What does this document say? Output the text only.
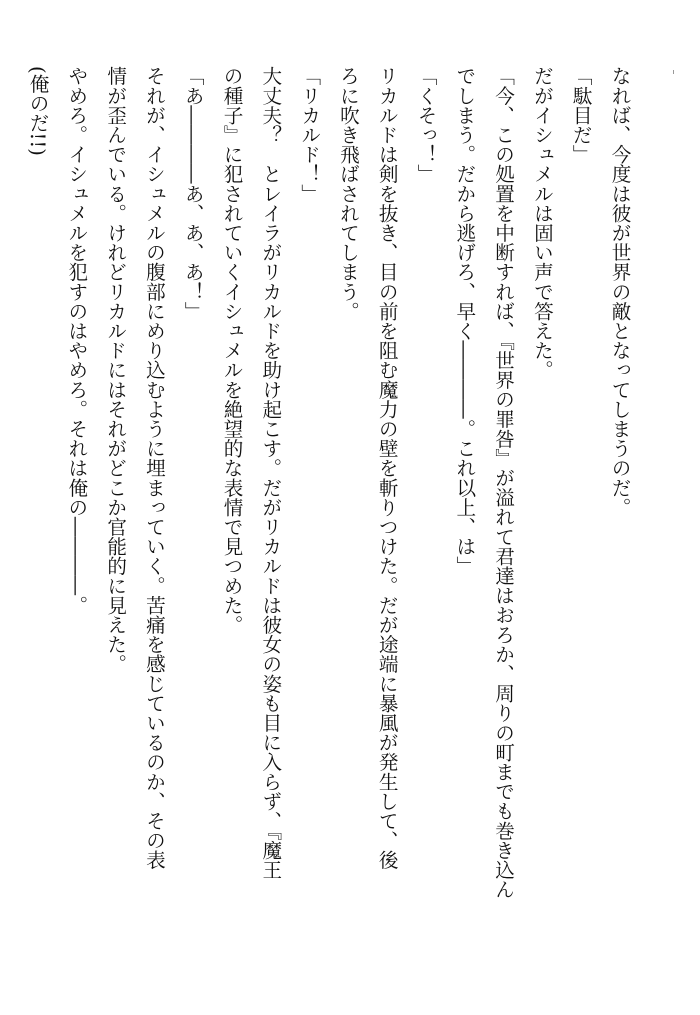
なれば、今度は彼が世界の敵となってしまうのだ。
「駄目だ」
だがイシュメルは固い声で答えた。
「今、この処置を中断すれば、『世界の罪咎』が溢れて君達はおろか、周りの町までも巻き込ん
でしまう。だから逃げろ、早く――――。これ以上、は」
「くそっ！」
リカルドは剣を抜き、目の前を阻む魔力の壁を斬りつけた。だが途端に暴風が発生して、後
ろに吹き飛ばされてしまう。
「リカルド！」
大丈夫？　とレイラがリカルドを助け起こす。だがリカルドは彼女の姿も目に入らず、『魔王
の種子』に犯されていくイシュメルを絶望的な表情で見つめた。
「あ――――あ、あ、あ！」
それが、イシュメルの腹部にめり込むように埋まっていく。苦痛を感じているのか、その表
情が歪んでいる。けれどリカルドにはそれがどこか官能的に見えた。
やめろ。イシュメルを犯すのはやめろ。それは俺の――――。
(俺のだ!!)
